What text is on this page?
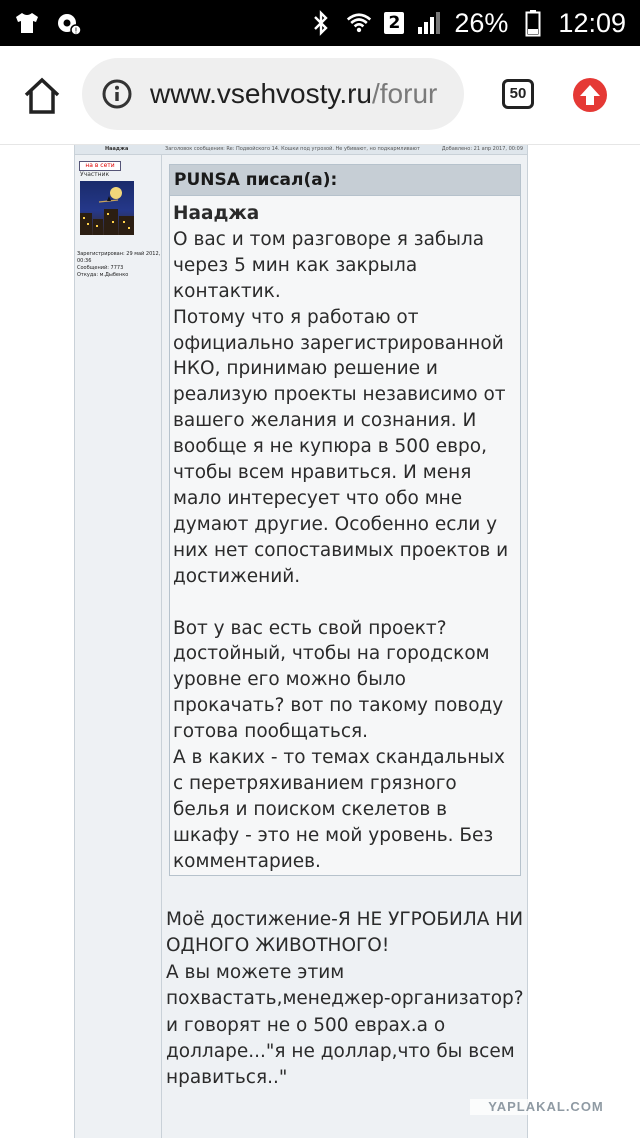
!	2 26% 12:09
www.vsehvosty.ru/forur	50
Нааджа	Заголовок сообщения: Re: Подвойского 14. Кошки под угрозой. Не убивают, но подкармливают	Добавлено: 21 апр 2017, 00:09
на в сети
Участник
Зарегистрирован: 29 май 2012, 00:36
Сообщений: 7773
Откуда: м.Дыбенко
PUNSA писал(а):
Нааджа
О вас и том разговоре я забыла через 5 мин как закрыла контактик.
Потому что я работаю от официально зарегистрированной НКО, принимаю решение и реализую проекты независимо от вашего желания и сознания. И вообще я не купюра в 500 евро, чтобы всем нравиться. И меня мало интересует что обо мне думают другие. Особенно если у них нет сопоставимых проектов и достижений.

Вот у вас есть свой проект? достойный, чтобы на городском уровне его можно было прокачать? вот по такому поводу готова пообщаться.
А в каких - то темах скандальных с перетряхиванием грязного белья и поиском скелетов в шкафу - это не мой уровень. Без комментариев.
Моё достижение-Я НЕ УГРОБИЛА НИ ОДНОГО ЖИВОТНОГО!
А вы можете этим похвастать,менеджер-организатор?
и говорят не о 500 еврах.а о долларе..."я не доллар,что бы всем нравиться.."
YAPLAKAL.COM
